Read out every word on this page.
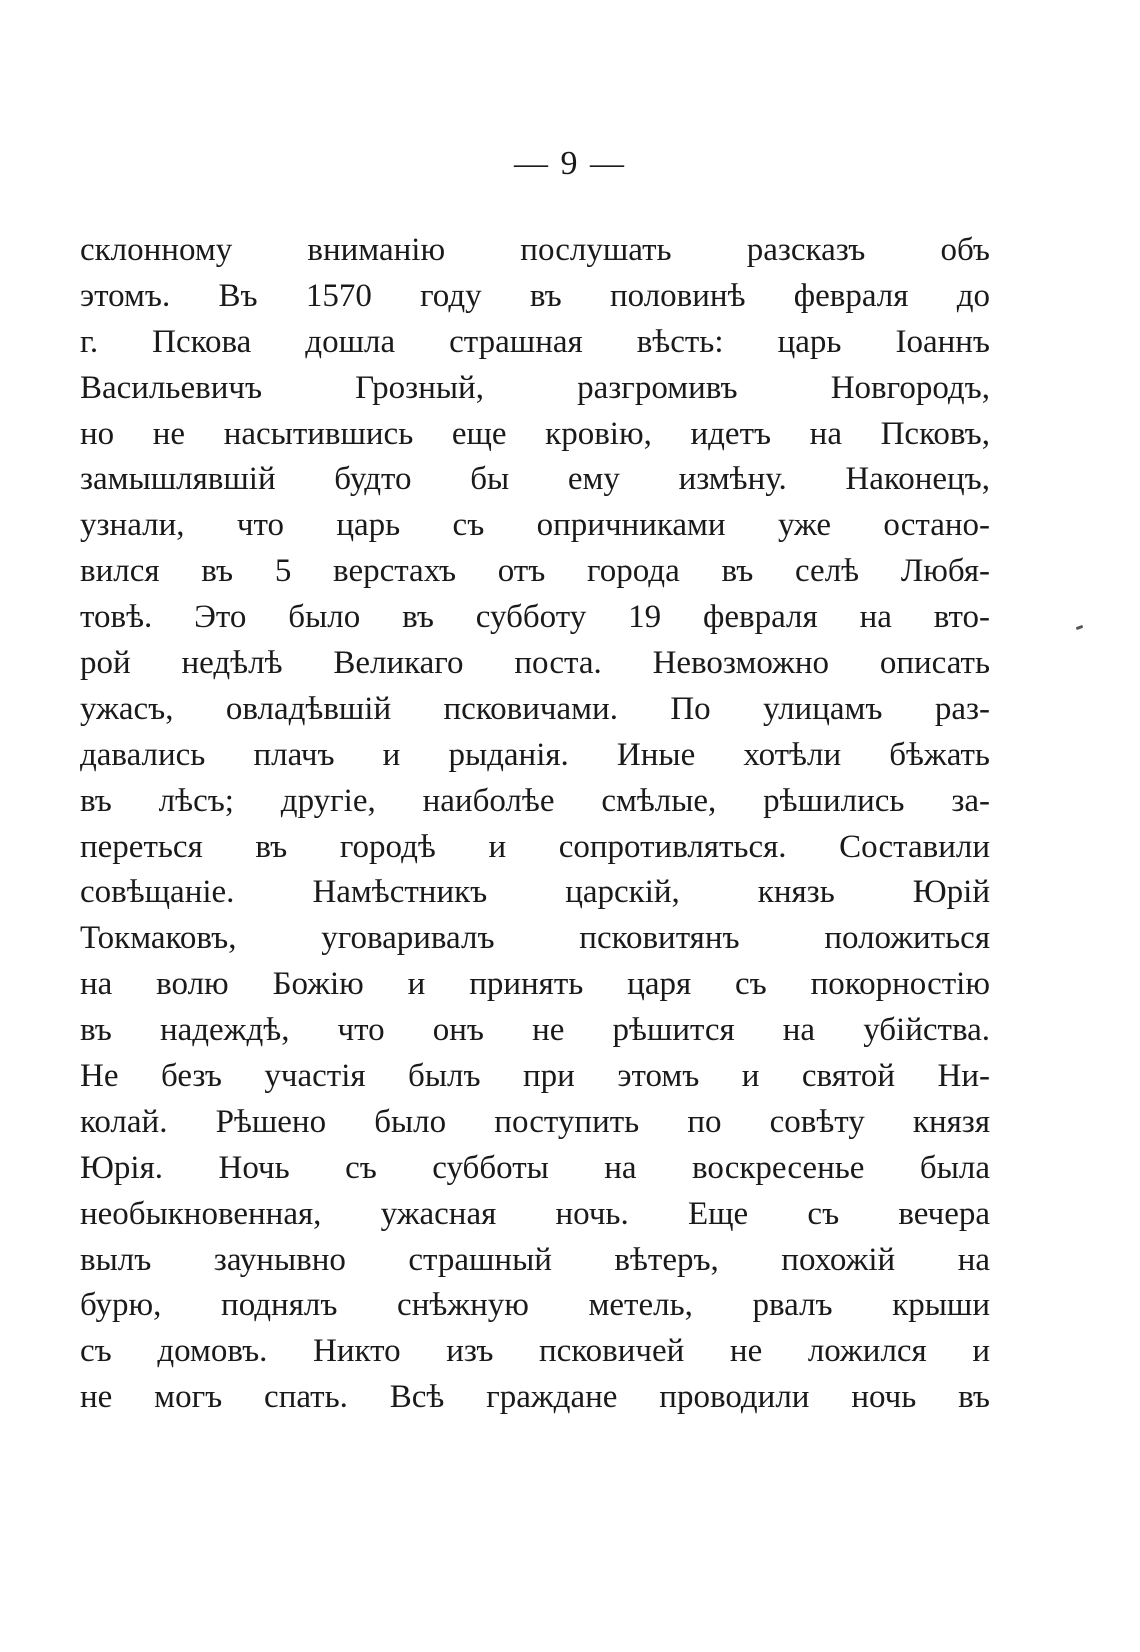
— 9 —
склонному вниманію послушать разсказъ объ
этомъ. Въ 1570 году въ половинѣ февраля до
г. Пскова дошла страшная вѣсть: царь Іоаннъ
Васильевичъ Грозный, разгромивъ Новгородъ,
но не насытившись еще кровію, идетъ на Псковъ,
замышлявшій будто бы ему измѣну. Наконецъ,
узнали, что царь съ опричниками уже остано-
вился въ 5 верстахъ отъ города въ селѣ Любя-
товѣ. Это было въ субботу 19 февраля на вто-
рой недѣлѣ Великаго поста. Невозможно описать
ужасъ, овладѣвшій псковичами. По улицамъ раз-
давались плачъ и рыданія. Иные хотѣли бѣжать
въ лѣсъ; другіе, наиболѣе смѣлые, рѣшились за-
переться въ городѣ и сопротивляться. Составили
совѣщаніе. Намѣстникъ царскій, князь Юрій
Токмаковъ, уговаривалъ псковитянъ положиться
на волю Божію и принять царя съ покорностію
въ надеждѣ, что онъ не рѣшится на убійства.
Не безъ участія былъ при этомъ и святой Ни-
колай. Рѣшено было поступить по совѣту князя
Юрія. Ночь съ субботы на воскресенье была
необыкновенная, ужасная ночь. Еще съ вечера
вылъ заунывно страшный вѣтеръ, похожій на
бурю, поднялъ снѣжную метель, рвалъ крыши
съ домовъ. Никто изъ псковичей не ложился и
не могъ спать. Всѣ граждане проводили ночь въ
